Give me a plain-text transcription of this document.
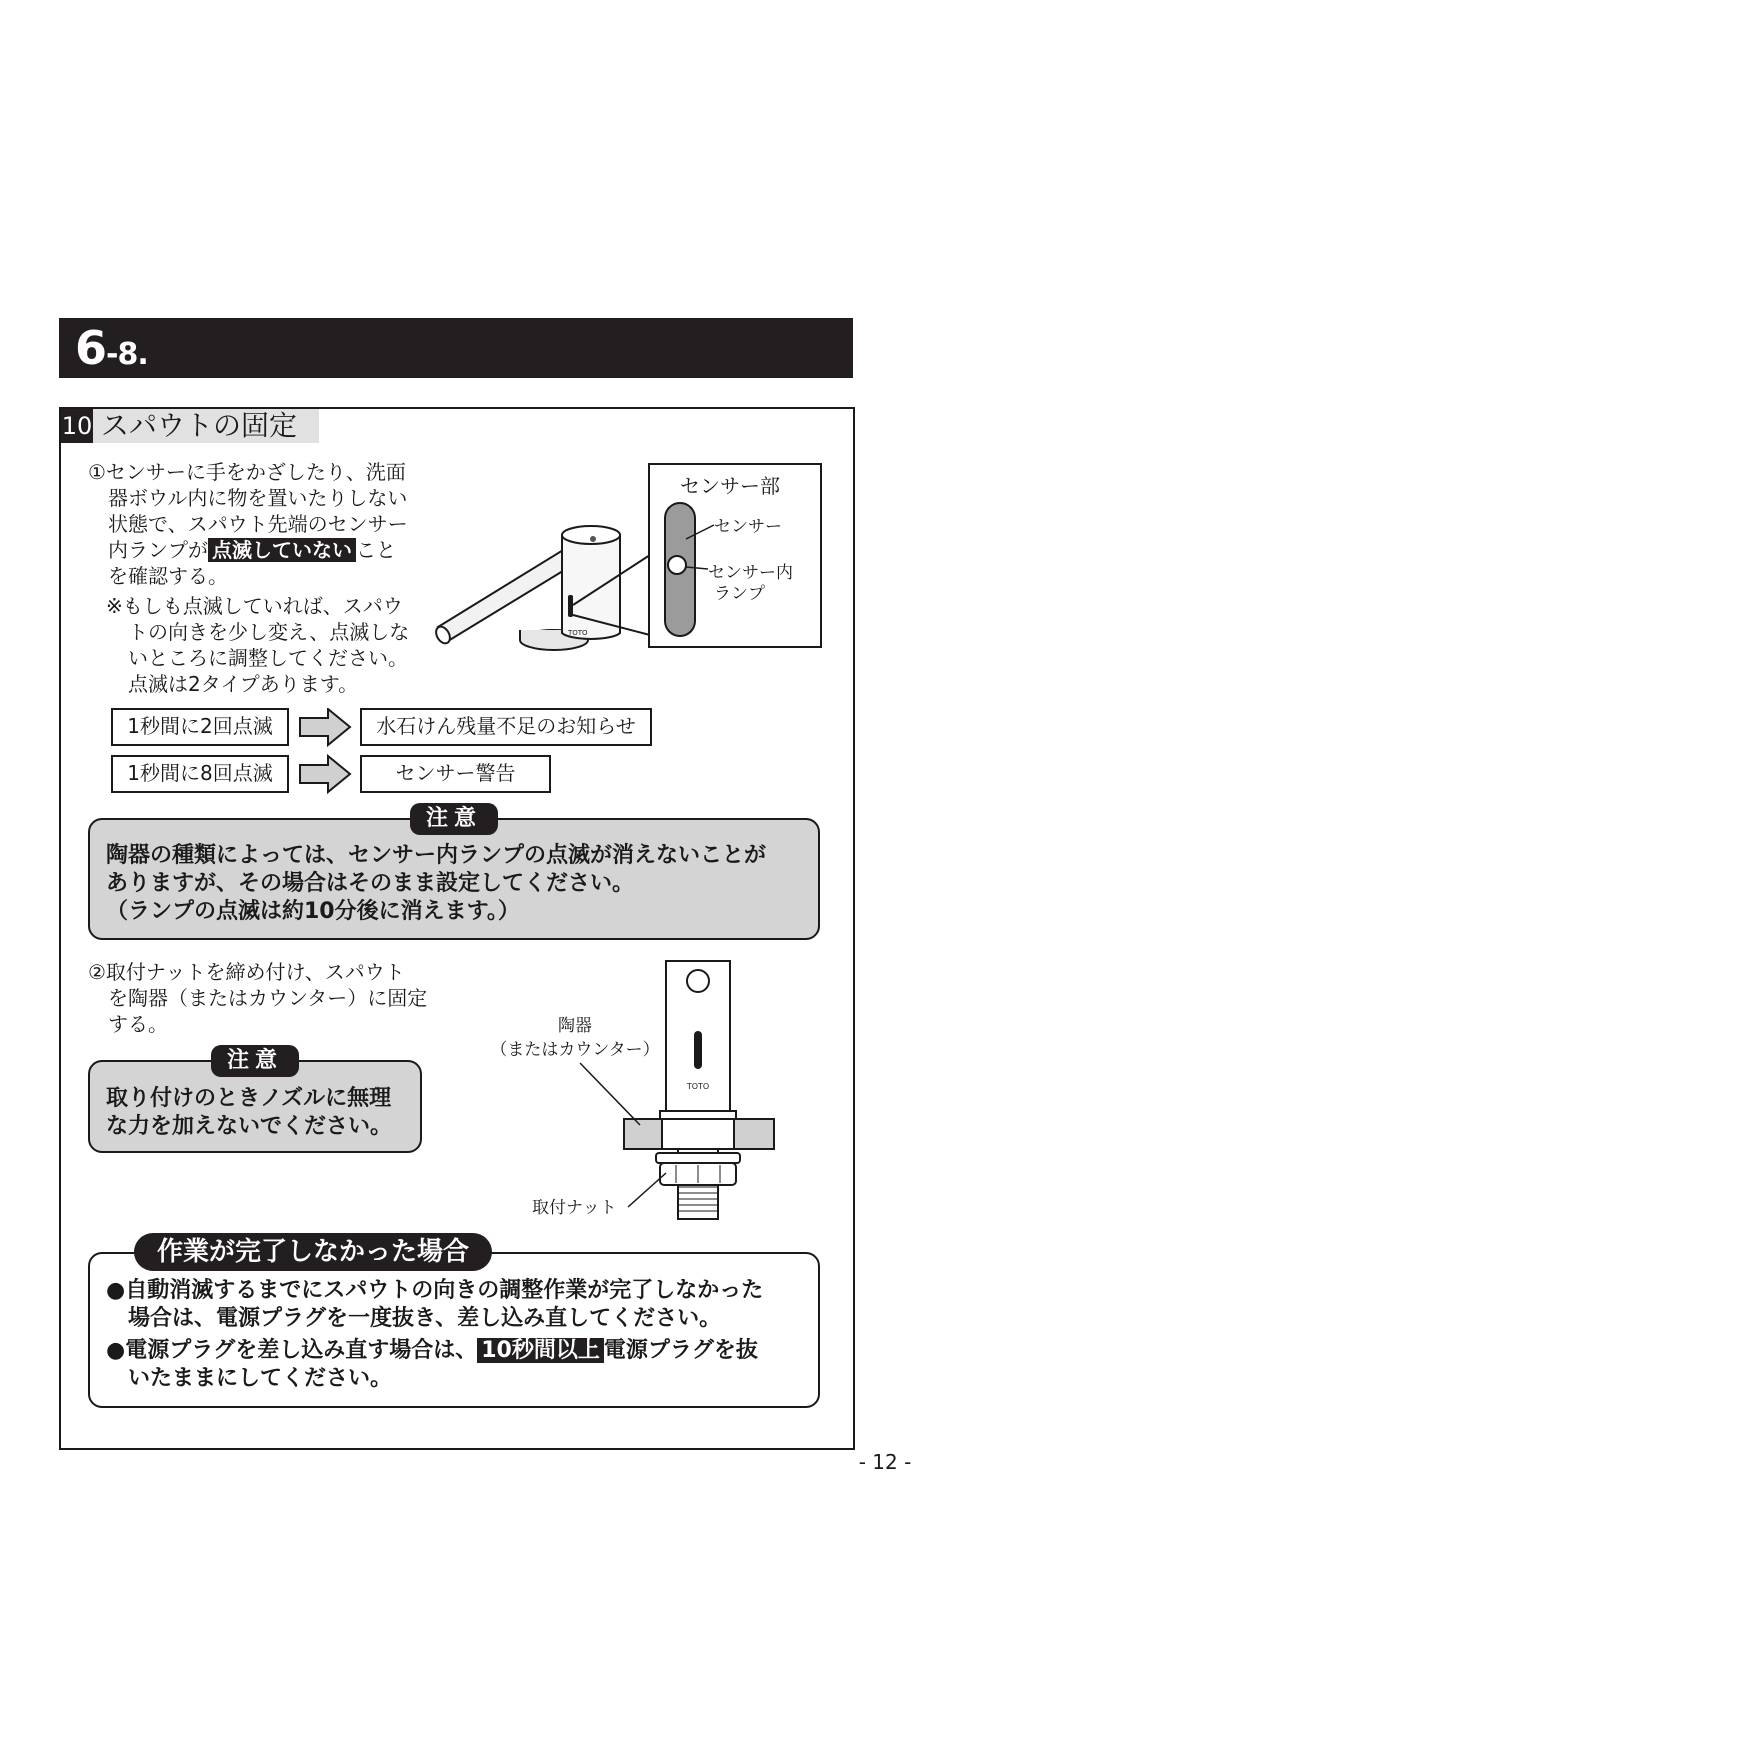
6-8.
10 スパウトの固定
①センサーに手をかざしたり、洗面
器ボウル内に物を置いたりしない
状態で、スパウト先端のセンサー
内ランプが 点滅していない こと
を確認する。
※もしも点滅していれば、スパウ
トの向きを少し変え、点滅しな
いところに調整してください。
点滅は2タイプあります。
TOTO
センサー部
センサー
センサー内
ランプ
1秒間に2回点滅	水石けん残量不足のお知らせ
1秒間に8回点滅	センサー警告
注意
陶器の種類によっては、センサー内ランプの点滅が消えないことが
ありますが、その場合はそのまま設定してください。
（ランプの点滅は約10分後に消えます。）
②取付ナットを締め付け、スパウト
を陶器（またはカウンター）に固定
する。
注意
取り付けのときノズルに無理
な力を加えないでください。
TOTO
陶器
（またはカウンター）
取付ナット
作業が完了しなかった場合
●自動消滅するまでにスパウトの向きの調整作業が完了しなかった
場合は、電源プラグを一度抜き、差し込み直してください。
●電源プラグを差し込み直す場合は、 10秒間以上 電源プラグを抜
いたままにしてください。
- 12 -
